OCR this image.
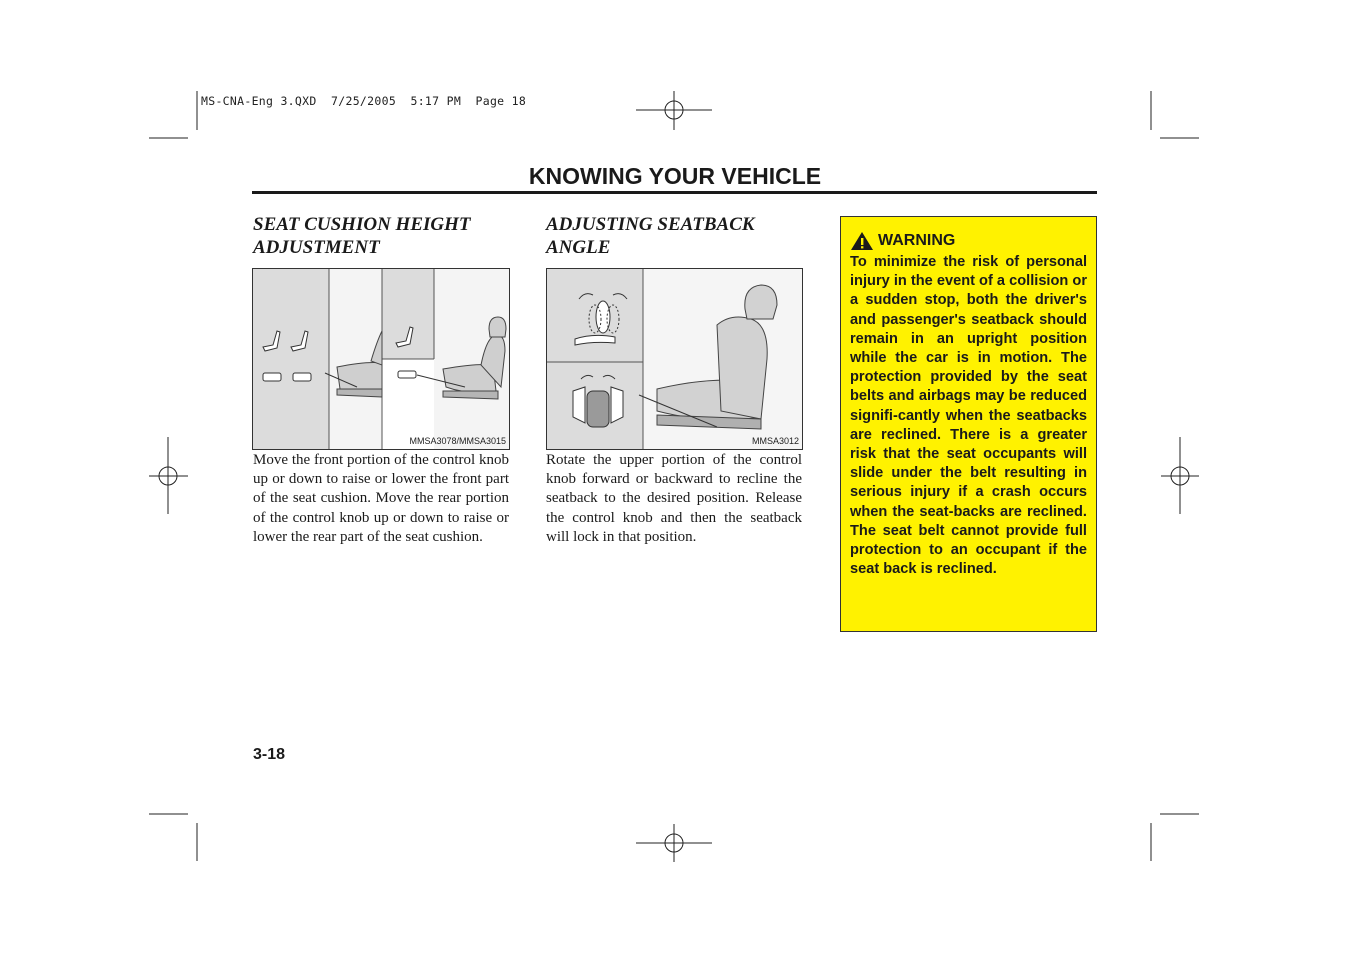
MS-CNA-Eng 3.QXD  7/25/2005  5:17 PM  Page 18
KNOWING YOUR VEHICLE
SEAT CUSHION HEIGHT
ADJUSTMENT
MMSA3078/MMSA3015
Move the front portion of the control knob up or down to raise or lower the front part of the seat cushion. Move the rear portion of the control knob up or down to raise or lower the rear part of the seat cushion.
ADJUSTING SEATBACK
ANGLE
MMSA3012
Rotate the upper portion of the control knob forward or backward to recline the seatback to the desired position. Release the control knob and then the seatback will lock in that position.
WARNING
To minimize the risk of personal injury in the event of a collision or a sudden stop, both the driver's and passenger's seatback should remain in an upright position while the car is in motion. The protection provided by the seat belts and airbags may be reduced signifi-cantly when the seatbacks are reclined. There is a greater risk that the seat occupants will slide under the belt resulting in serious injury if a crash occurs when the seat-backs are reclined. The seat belt cannot provide full protection to an occupant if the seat back is reclined.
3-18
